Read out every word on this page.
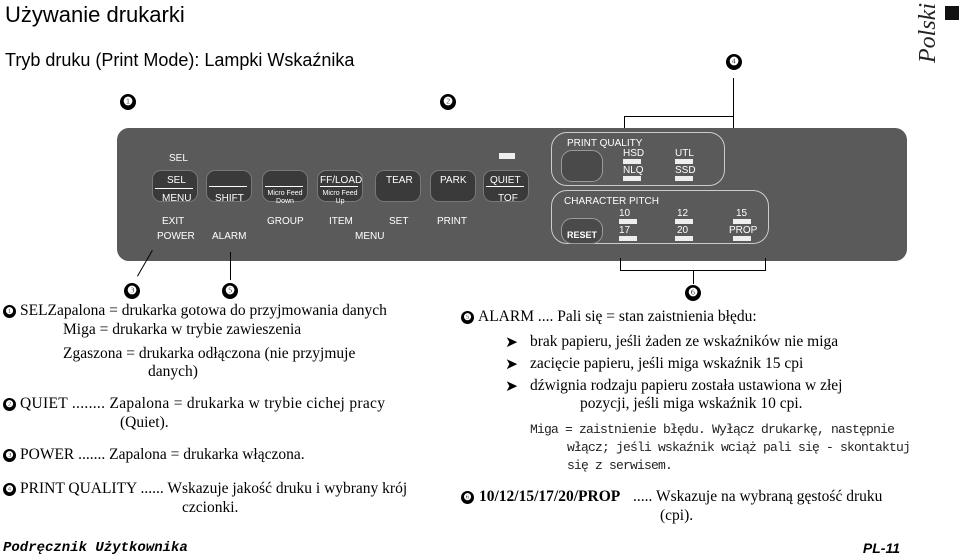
Używanie drukarki
Tryb druku (Print Mode): Lampki Wskaźnika	Polski
❶	❷
❹
SEL
SEL
MENU
EXIT
POWER
SHIFT
ALARM
Micro Feed Down
GROUP
FF/LOAD
Micro Feed Up
ITEM
TEAR
SET
MENU
PARK
PRINT
QUIET
TOF
PRINT QUALITY
HSD
NLQ
UTL
SSD
CHARACTER PITCH
RESET
10
17
12
20
15
PROP
❸	❺	❻
❶ SELZapalona = drukarka gotowa do przyjmowania danych
Miga = drukarka w trybie zawieszenia
Zgaszona = drukarka odłączona (nie przyjmuje
danych)
❷ QUIET ........ Zapalona = drukarka w trybie cichej pracy
(Quiet).
❸ POWER ....... Zapalona = drukarka włączona.
❹ PRINT QUALITY ...... Wskazuje jakość druku i wybrany krój
czcionki.
❺ ALARM .... Pali się = stan zaistnienia błędu:
➤ brak papieru, jeśli żaden ze wskaźników nie miga
➤ zacięcie papieru, jeśli miga wskaźnik 15 cpi
➤ dźwignia rodzaju papieru została ustawiona w złej
pozycji, jeśli miga wskaźnik 10 cpi.
Miga = zaistnienie błędu. Wyłącz drukarkę, następnie
włącz; jeśli wskaźnik wciąż pali się - skontaktuj
się z serwisem.
❻ 10/12/15/17/20/PROP ..... Wskazuje na wybraną gęstość druku
(cpi).
Podręcznik Użytkownika	PL-11
